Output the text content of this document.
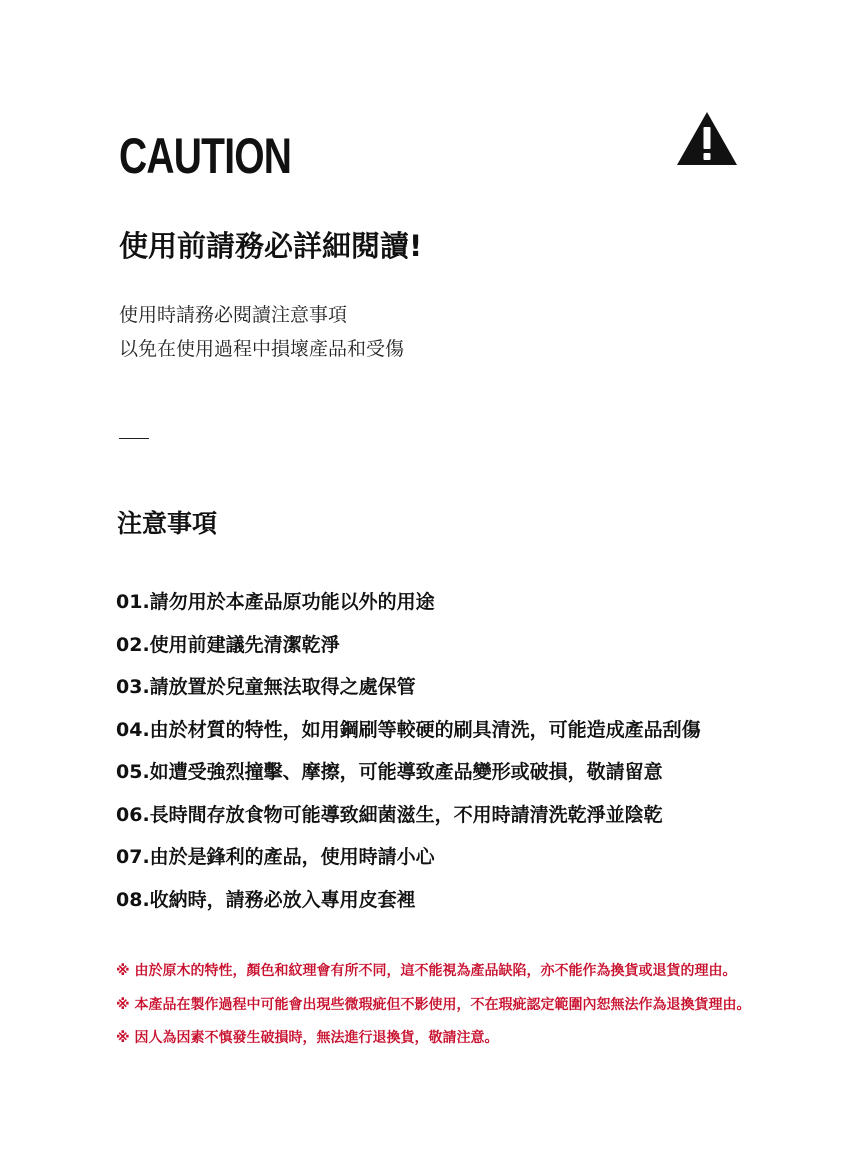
CAUTION
使用前請務必詳細閱讀!
使用時請務必閱讀注意事項
以免在使用過程中損壞產品和受傷
注意事項
01.請勿用於本產品原功能以外的用途
02.使用前建議先清潔乾淨
03.請放置於兒童無法取得之處保管
04.由於材質的特性，如用鋼刷等較硬的刷具清洗，可能造成產品刮傷
05.如遭受強烈撞擊、摩擦，可能導致產品變形或破損，敬請留意
06.長時間存放食物可能導致細菌滋生，不用時請清洗乾淨並陰乾
07.由於是鋒利的產品，使用時請小心
08.收納時，請務必放入專用皮套裡
※ 由於原木的特性，顏色和紋理會有所不同，這不能視為產品缺陷，亦不能作為換貨或退貨的理由。
※ 本產品在製作過程中可能會出現些微瑕疵但不影使用，不在瑕疵認定範圍內恕無法作為退換貨理由。
※ 因人為因素不慎發生破損時，無法進行退換貨，敬請注意。
